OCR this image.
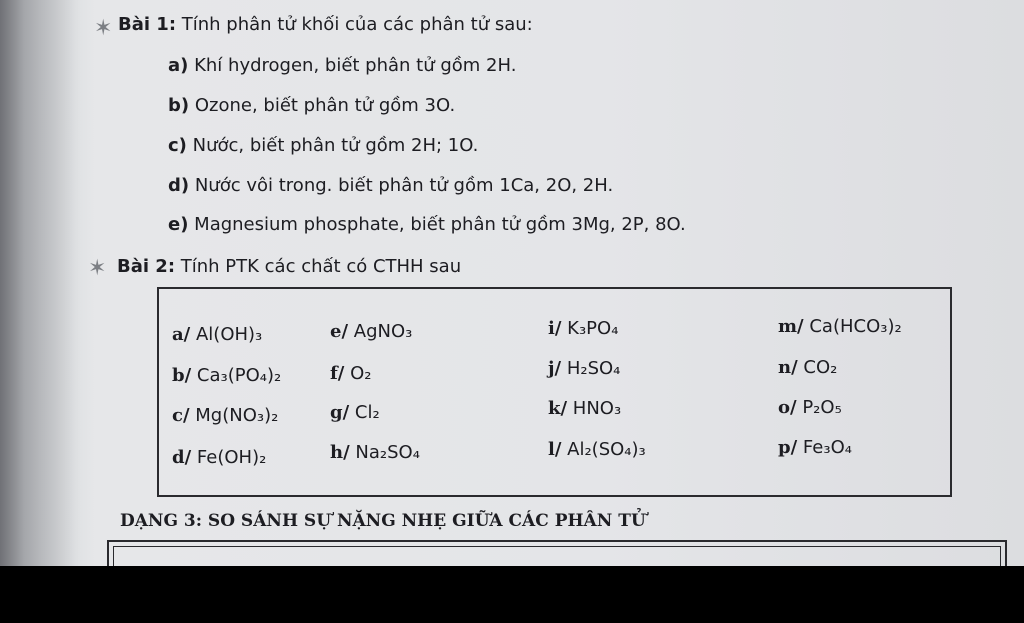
✶ Bài 1: Tính phân tử khối của các phân tử sau:
a) Khí hydrogen, biết phân tử gồm 2H.
b) Ozone, biết phân tử gồm 3O.
c) Nước, biết phân tử gồm 2H; 1O.
d) Nước vôi trong. biết phân tử gồm 1Ca, 2O, 2H.
e) Magnesium phosphate, biết phân tử gồm 3Mg, 2P, 8O.
✶ Bài 2: Tính PTK các chất có CTHH sau
a/ Al(OH)₃
b/ Ca₃(PO₄)₂
c/ Mg(NO₃)₂
d/ Fe(OH)₂
e/ AgNO₃
f/ O₂
g/ Cl₂
h/ Na₂SO₄
i/ K₃PO₄
j/ H₂SO₄
k/ HNO₃
l/ Al₂(SO₄)₃
m/ Ca(HCO₃)₂
n/ CO₂
o/ P₂O₅
p/ Fe₃O₄
DẠNG 3: SO SÁNH SỰ NẶNG NHẸ GIỮA CÁC PHÂN TỬ
